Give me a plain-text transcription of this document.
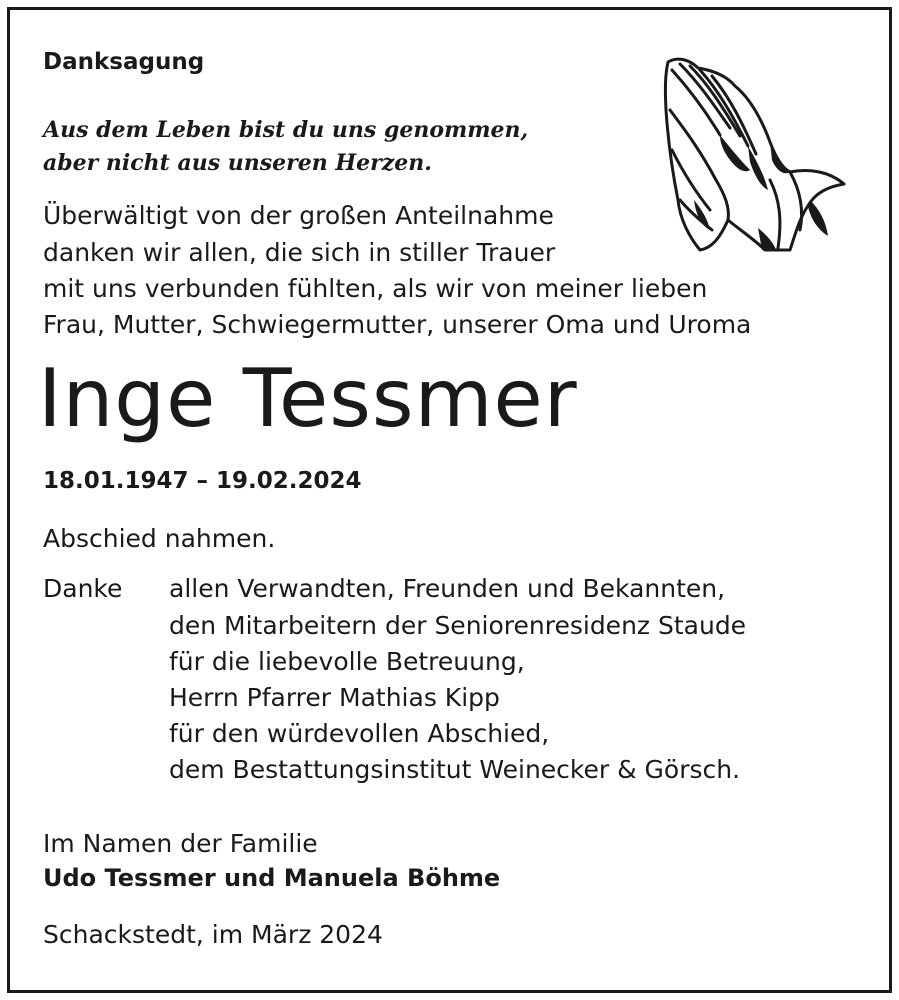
Danksagung
Aus dem Leben bist du uns genommen,
aber nicht aus unseren Herzen.
Überwältigt von der großen Anteilnahme
danken wir allen, die sich in stiller Trauer
mit uns verbunden fühlten, als wir von meiner lieben
Frau, Mutter, Schwiegermutter, unserer Oma und Uroma
Inge Tessmer
18.01.1947 – 19.02.2024
Abschied nahmen.
Danke allen Verwandten, Freunden und Bekannten,
den Mitarbeitern der Seniorenresidenz Staude
für die liebevolle Betreuung,
Herrn Pfarrer Mathias Kipp
für den würdevollen Abschied,
dem Bestattungsinstitut Weinecker & Görsch.
Im Namen der Familie
Udo Tessmer und Manuela Böhme
Schackstedt, im März 2024
